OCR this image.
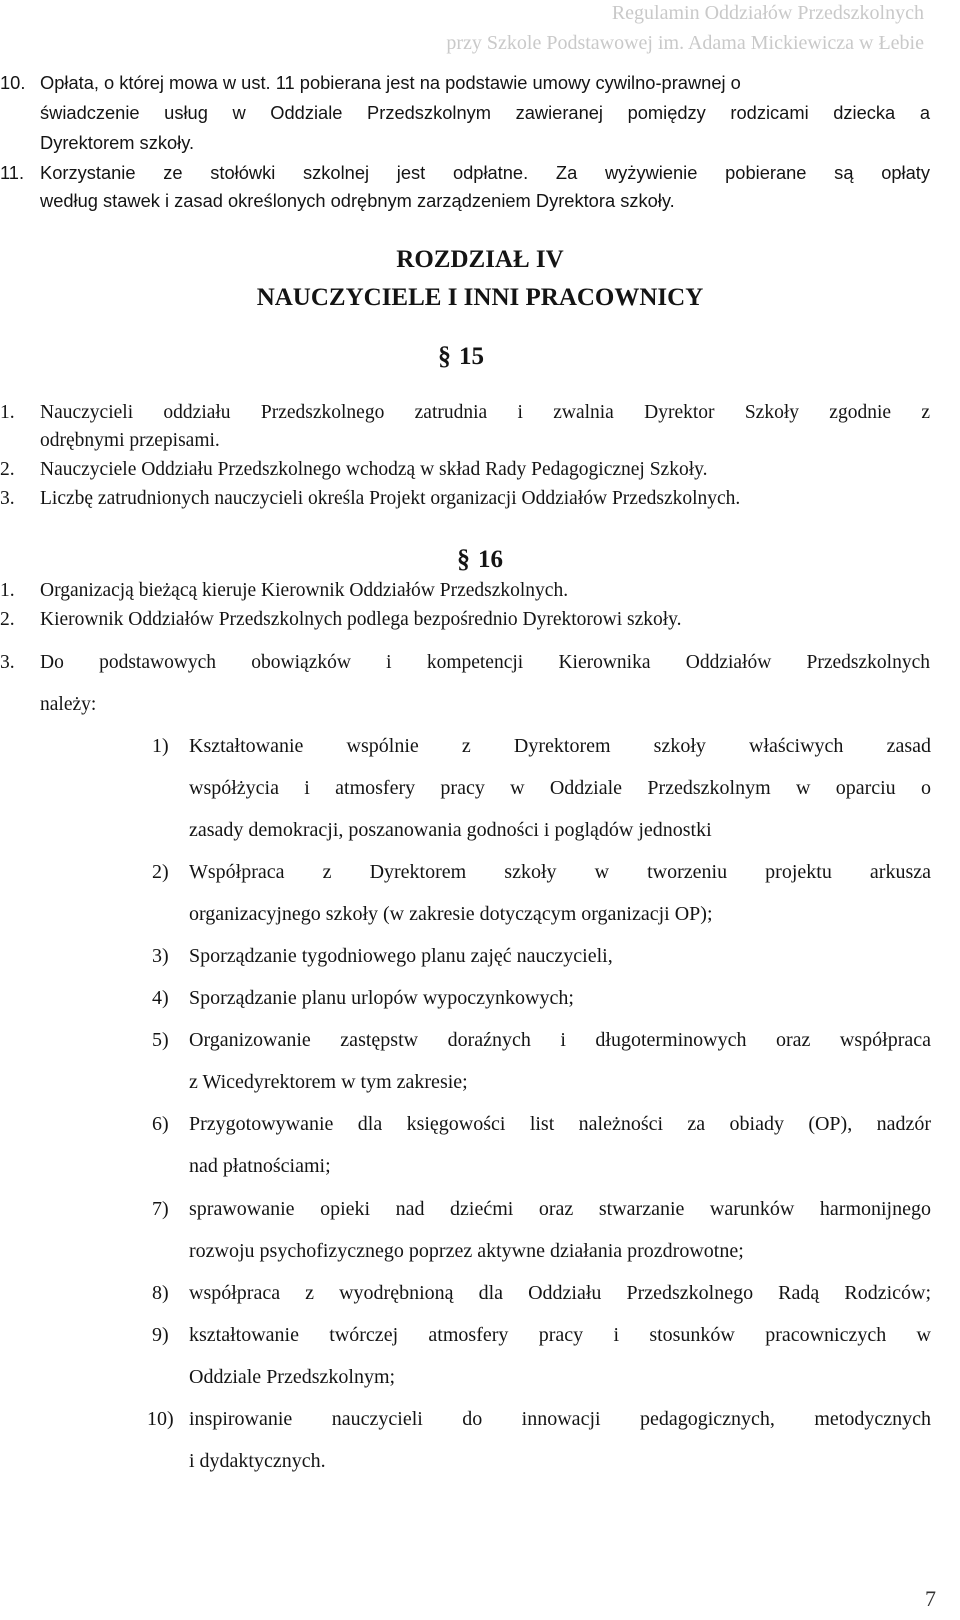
Regulamin Oddziałów Przedszkolnych
przy Szkole Podstawowej im. Adama Mickiewicza w Łebie
10. Opłata, o której mowa w ust. 11 pobierana jest na podstawie umowy cywilno-prawnej o
świadczenie usług w Oddziale Przedszkolnym zawieranej pomiędzy rodzicami dziecka a
Dyrektorem szkoły.
11. Korzystanie ze stołówki szkolnej jest odpłatne. Za wyżywienie pobierane są opłaty
według stawek i zasad określonych odrębnym zarządzeniem Dyrektora szkoły.
ROZDZIAŁ IV
NAUCZYCIELE I INNI PRACOWNICY
§ 15
1. Nauczycieli oddziału Przedszkolnego zatrudnia i zwalnia Dyrektor Szkoły zgodnie z
odrębnymi przepisami.
2. Nauczyciele Oddziału Przedszkolnego wchodzą w skład Rady Pedagogicznej Szkoły.
3. Liczbę zatrudnionych nauczycieli określa Projekt organizacji Oddziałów Przedszkolnych.
§ 16
1. Organizacją bieżącą kieruje Kierownik Oddziałów Przedszkolnych.
2. Kierownik Oddziałów Przedszkolnych podlega bezpośrednio Dyrektorowi szkoły.
3. Do podstawowych obowiązków i kompetencji Kierownika Oddziałów Przedszkolnych
należy:
1) Kształtowanie wspólnie z Dyrektorem szkoły właściwych zasad
współżycia i atmosfery pracy w Oddziale Przedszkolnym w oparciu o
zasady demokracji, poszanowania godności i poglądów jednostki
2) Współpraca z Dyrektorem szkoły w tworzeniu projektu arkusza
organizacyjnego szkoły (w zakresie dotyczącym organizacji OP);
3) Sporządzanie tygodniowego planu zajęć nauczycieli,
4) Sporządzanie planu urlopów wypoczynkowych;
5) Organizowanie zastępstw doraźnych i długoterminowych oraz współpraca
z Wicedyrektorem w tym zakresie;
6) Przygotowywanie dla księgowości list należności za obiady (OP), nadzór
nad płatnościami;
7) sprawowanie opieki nad dziećmi oraz stwarzanie warunków harmonijnego
rozwoju psychofizycznego poprzez aktywne działania prozdrowotne;
8) współpraca z wyodrębnioną dla Oddziału Przedszkolnego Radą Rodziców;
9) kształtowanie twórczej atmosfery pracy i stosunków pracowniczych w
Oddziale Przedszkolnym;
10) inspirowanie nauczycieli do innowacji pedagogicznych, metodycznych
i dydaktycznych.
7
